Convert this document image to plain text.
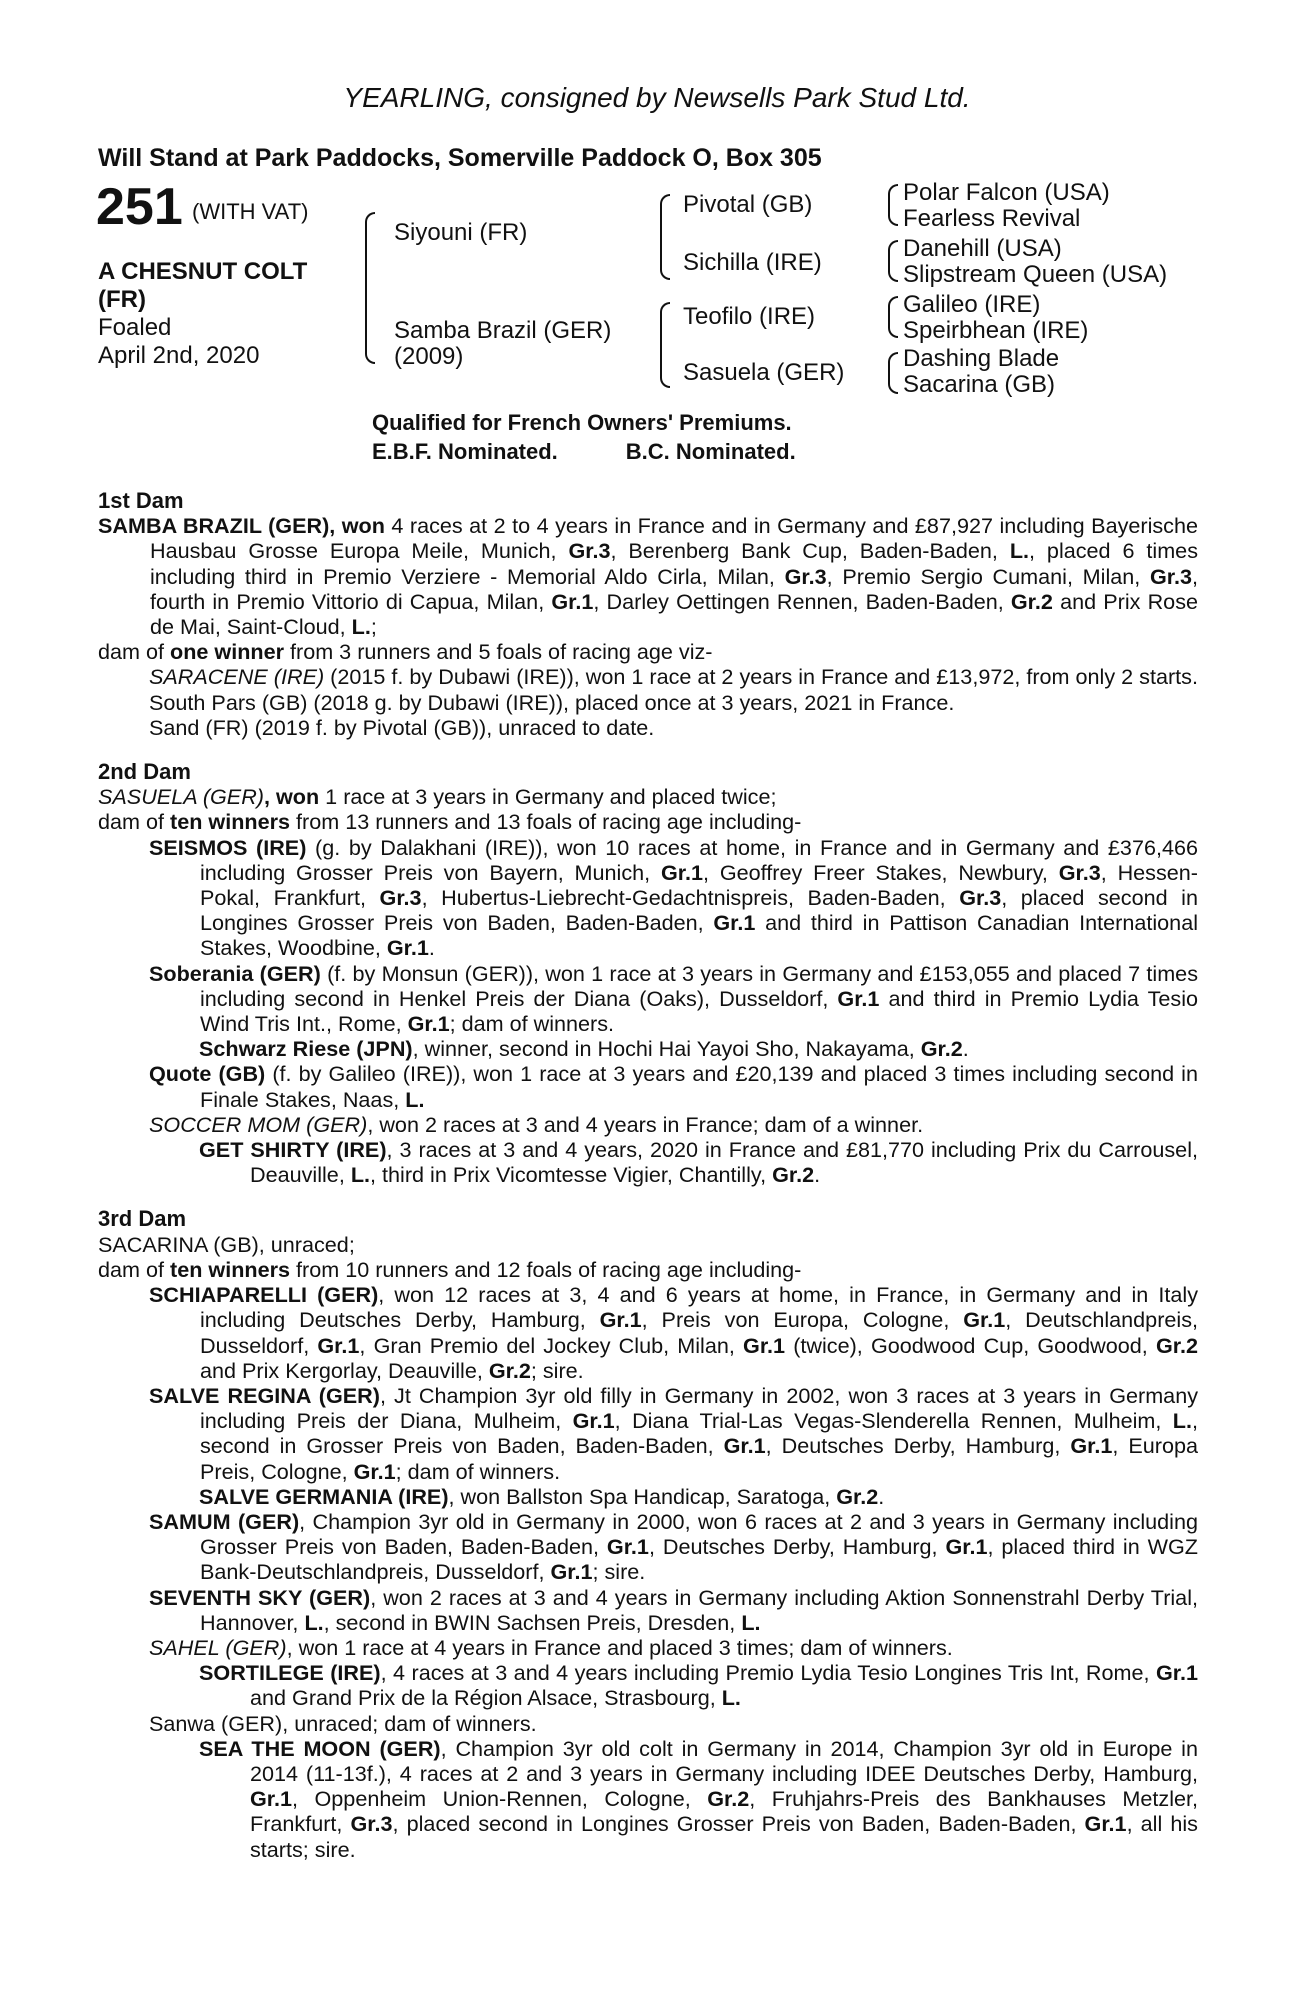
YEARLING, consigned by Newsells Park Stud Ltd.
Will Stand at Park Paddocks, Somerville Paddock O, Box 305
251 (WITH VAT)
A CHESNUT COLT
(FR)
Foaled
April 2nd, 2020
Siyouni (FR)
Samba Brazil (GER)
(2009)
Pivotal (GB)
Sichilla (IRE)
Teofilo (IRE)
Sasuela (GER)
Polar Falcon (USA)
Fearless Revival
Danehill (USA)
Slipstream Queen (USA)
Galileo (IRE)
Speirbhean (IRE)
Dashing Blade
Sacarina (GB)
Qualified for French Owners' Premiums.
E.B.F. Nominated.	B.C. Nominated.

1st Dam

SAMBA BRAZIL (GER), won 4 races at 2 to 4 years in France and in Germany and £87,927 including Bayerische Hausbau Grosse Europa Meile, Munich, Gr.3, Berenberg Bank Cup, Baden-Baden, L., placed 6 times including third in Premio Verziere - Memorial Aldo Cirla, Milan, Gr.3, Premio Sergio Cumani, Milan, Gr.3, fourth in Premio Vittorio di Capua, Milan, Gr.1, Darley Oettingen Rennen, Baden-Baden, Gr.2 and Prix Rose de Mai, Saint-Cloud, L.;

dam of one winner from 3 runners and 5 foals of racing age viz-

SARACENE (IRE) (2015 f. by Dubawi (IRE)), won 1 race at 2 years in France and £13,972, from only 2 starts.

South Pars (GB) (2018 g. by Dubawi (IRE)), placed once at 3 years, 2021 in France.

Sand (FR) (2019 f. by Pivotal (GB)), unraced to date.

2nd Dam

SASUELA (GER), won 1 race at 3 years in Germany and placed twice;

dam of ten winners from 13 runners and 13 foals of racing age including-

SEISMOS (IRE) (g. by Dalakhani (IRE)), won 10 races at home, in France and in Germany and £376,466 including Grosser Preis von Bayern, Munich, Gr.1, Geoffrey Freer Stakes, Newbury, Gr.3, Hessen-Pokal, Frankfurt, Gr.3, Hubertus-Liebrecht-Gedachtnispreis, Baden-Baden, Gr.3, placed second in Longines Grosser Preis von Baden, Baden-Baden, Gr.1 and third in Pattison Canadian International Stakes, Woodbine, Gr.1.

Soberania (GER) (f. by Monsun (GER)), won 1 race at 3 years in Germany and £153,055 and placed 7 times including second in Henkel Preis der Diana (Oaks), Dusseldorf, Gr.1 and third in Premio Lydia Tesio Wind Tris Int., Rome, Gr.1; dam of winners.

Schwarz Riese (JPN), winner, second in Hochi Hai Yayoi Sho, Nakayama, Gr.2.

Quote (GB) (f. by Galileo (IRE)), won 1 race at 3 years and £20,139 and placed 3 times including second in Finale Stakes, Naas, L.

SOCCER MOM (GER), won 2 races at 3 and 4 years in France; dam of a winner.

GET SHIRTY (IRE), 3 races at 3 and 4 years, 2020 in France and £81,770 including Prix du Carrousel, Deauville, L., third in Prix Vicomtesse Vigier, Chantilly, Gr.2.

3rd Dam

SACARINA (GB), unraced;

dam of ten winners from 10 runners and 12 foals of racing age including-

SCHIAPARELLI (GER), won 12 races at 3, 4 and 6 years at home, in France, in Germany and in Italy including Deutsches Derby, Hamburg, Gr.1, Preis von Europa, Cologne, Gr.1, Deutschlandpreis, Dusseldorf, Gr.1, Gran Premio del Jockey Club, Milan, Gr.1 (twice), Goodwood Cup, Goodwood, Gr.2 and Prix Kergorlay, Deauville, Gr.2; sire.

SALVE REGINA (GER), Jt Champion 3yr old filly in Germany in 2002, won 3 races at 3 years in Germany including Preis der Diana, Mulheim, Gr.1, Diana Trial-Las Vegas-Slenderella Rennen, Mulheim, L., second in Grosser Preis von Baden, Baden-Baden, Gr.1, Deutsches Derby, Hamburg, Gr.1, Europa Preis, Cologne, Gr.1; dam of winners.

SALVE GERMANIA (IRE), won Ballston Spa Handicap, Saratoga, Gr.2.

SAMUM (GER), Champion 3yr old in Germany in 2000, won 6 races at 2 and 3 years in Germany including Grosser Preis von Baden, Baden-Baden, Gr.1, Deutsches Derby, Hamburg, Gr.1, placed third in WGZ Bank-Deutschlandpreis, Dusseldorf, Gr.1; sire.

SEVENTH SKY (GER), won 2 races at 3 and 4 years in Germany including Aktion Sonnenstrahl Derby Trial, Hannover, L., second in BWIN Sachsen Preis, Dresden, L.

SAHEL (GER), won 1 race at 4 years in France and placed 3 times; dam of winners.

SORTILEGE (IRE), 4 races at 3 and 4 years including Premio Lydia Tesio Longines Tris Int, Rome, Gr.1 and Grand Prix de la Région Alsace, Strasbourg, L.

Sanwa (GER), unraced; dam of winners.

SEA THE MOON (GER), Champion 3yr old colt in Germany in 2014, Champion 3yr old in Europe in 2014 (11-13f.), 4 races at 2 and 3 years in Germany including IDEE Deutsches Derby, Hamburg, Gr.1, Oppenheim Union-Rennen, Cologne, Gr.2, Fruhjahrs-Preis des Bankhauses Metzler, Frankfurt, Gr.3, placed second in Longines Grosser Preis von Baden, Baden-Baden, Gr.1, all his starts; sire.
